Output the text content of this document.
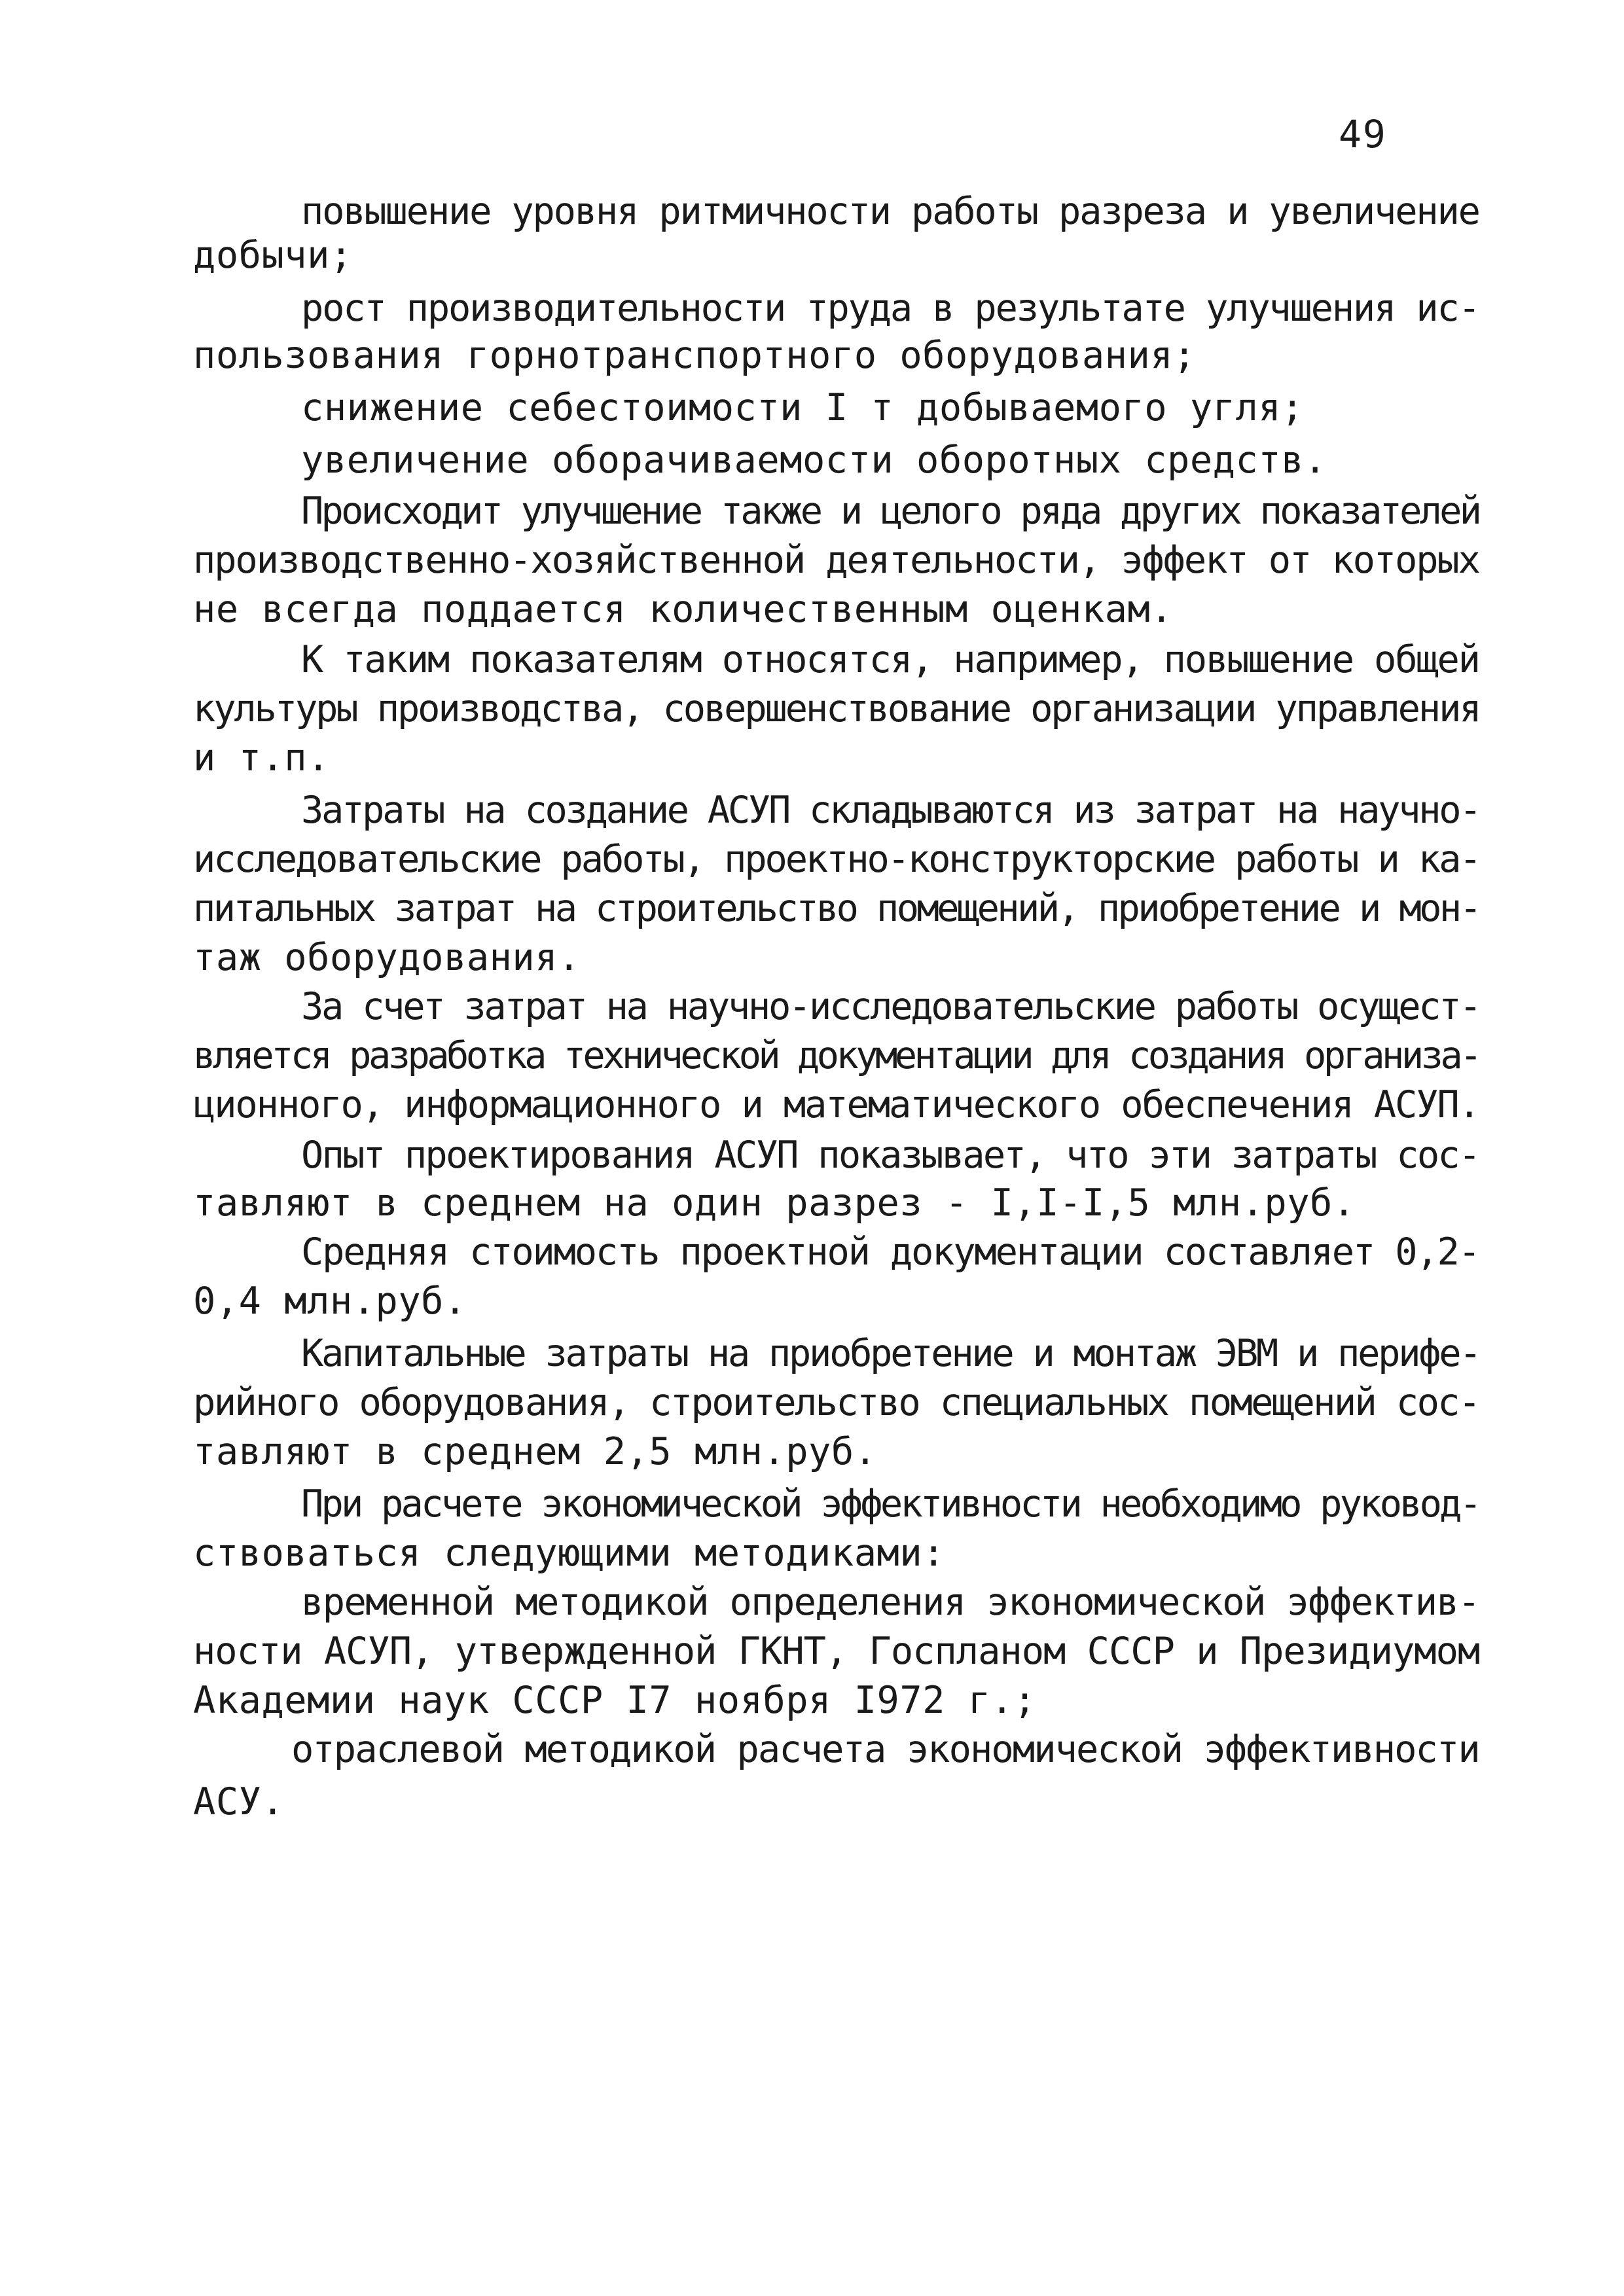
49
повышение уровня ритмичности работы разреза и увеличение
добычи;
рост производительности труда в результате улучшения ис-
пользования горнотранспортного оборудования;
снижение себестоимости I т добываемого угля;
увеличение оборачиваемости оборотных средств.
Происходит улучшение также и целого ряда других показателей
производственно-хозяйственной деятельности, эффект от которых
не всегда поддается количественным оценкам.
К таким показателям относятся, например, повышение общей
культуры производства, совершенствование организации управления
и т.п.
Затраты на создание АСУП складываются из затрат на научно-
исследовательские работы, проектно-конструкторские работы и ка-
питальных затрат на строительство помещений, приобретение и мон-
таж оборудования.
За счет затрат на научно-исследовательские работы осущест-
вляется разработка технической документации для создания организа-
ционного, информационного и математического обеспечения АСУП.
Опыт проектирования АСУП показывает, что эти затраты сос-
тавляют в среднем на один разрез - I,I-I,5 млн.руб.
Средняя стоимость проектной документации составляет 0,2-
0,4 млн.руб.
Капитальные затраты на приобретение и монтаж ЭВМ и перифе-
рийного оборудования, строительство специальных помещений сос-
тавляют в среднем 2,5 млн.руб.
При расчете экономической эффективности необходимо руковод-
ствоваться следующими методиками:
временной методикой определения экономической эффектив-
ности АСУП, утвержденной ГКНТ, Госпланом СССР и Президиумом
Академии наук СССР I7 ноября I972 г.;
отраслевой методикой расчета экономической эффективности
АСУ.
